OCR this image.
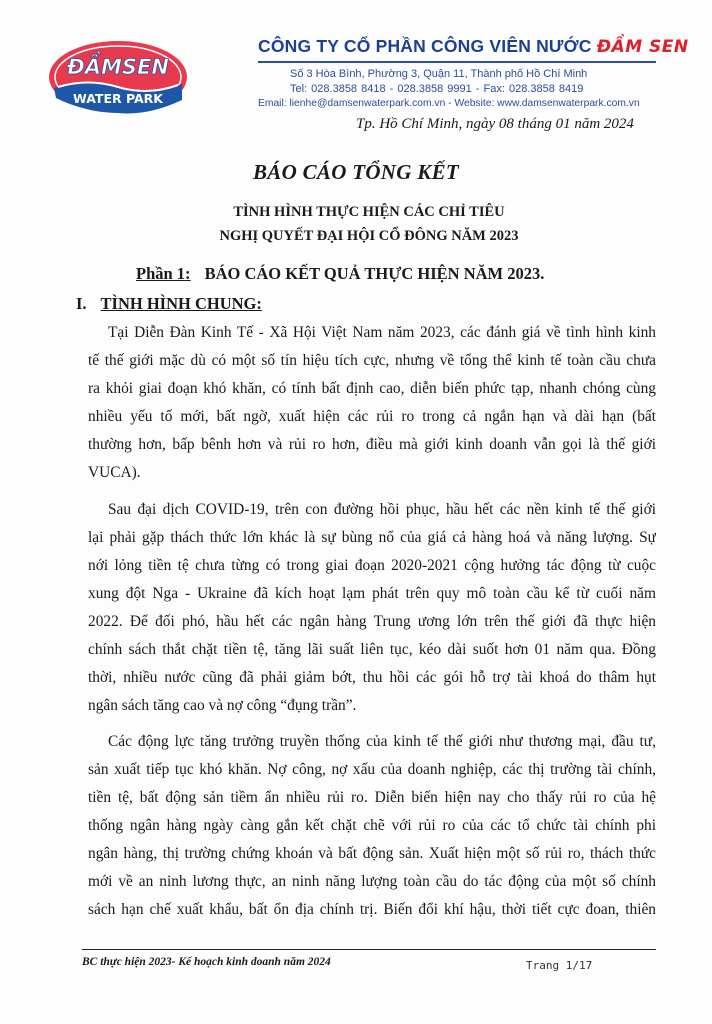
ĐẦMSEN
WATER PARK
CÔNG TY CỔ PHẦN CÔNG VIÊN NƯỚC ĐẦM SEN
Số 3 Hòa Bình, Phường 3, Quận 11, Thành phố Hồ Chí Minh
Tel: 028.3858 8418 - 028.3858 9991 - Fax: 028.3858 8419
Email: lienhe@damsenwaterpark.com.vn - Website: www.damsenwaterpark.com.vn
Tp. Hồ Chí Minh, ngày 08 tháng 01 năm 2024
BÁO CÁO TỔNG KẾT
TÌNH HÌNH THỰC HIỆN CÁC CHỈ TIÊU
NGHỊ QUYẾT ĐẠI HỘI CỔ ĐÔNG NĂM 2023
Phần 1: BÁO CÁO KẾT QUẢ THỰC HIỆN NĂM 2023.
I. TÌNH HÌNH CHUNG:
Tại Diễn Đàn Kinh Tế - Xã Hội Việt Nam năm 2023, các đánh giá về tình hình kinh
tế thế giới mặc dù có một số tín hiệu tích cực, nhưng về tổng thể kinh tế toàn cầu chưa
ra khỏi giai đoạn khó khăn, có tính bất định cao, diễn biến phức tạp, nhanh chóng cùng
nhiều yếu tố mới, bất ngờ, xuất hiện các rủi ro trong cả ngắn hạn và dài hạn (bất
thường hơn, bấp bênh hơn và rủi ro hơn, điều mà giới kinh doanh vẫn gọi là thế giới
VUCA).
Sau đại dịch COVID-19, trên con đường hồi phục, hầu hết các nền kinh tế thế giới
lại phải gặp thách thức lớn khác là sự bùng nổ của giá cả hàng hoá và năng lượng. Sự
nới lỏng tiền tệ chưa từng có trong giai đoạn 2020-2021 cộng hưởng tác động từ cuộc
xung đột Nga - Ukraine đã kích hoạt lạm phát trên quy mô toàn cầu kể từ cuối năm
2022. Để đối phó, hầu hết các ngân hàng Trung ương lớn trên thế giới đã thực hiện
chính sách thắt chặt tiền tệ, tăng lãi suất liên tục, kéo dài suốt hơn 01 năm qua. Đồng
thời, nhiều nước cũng đã phải giảm bớt, thu hồi các gói hỗ trợ tài khoá do thâm hụt
ngân sách tăng cao và nợ công “đụng trần”.
Các động lực tăng trưởng truyền thống của kinh tế thế giới như thương mại, đầu tư,
sản xuất tiếp tục khó khăn. Nợ công, nợ xấu của doanh nghiệp, các thị trường tài chính,
tiền tệ, bất động sản tiềm ẩn nhiều rủi ro. Diễn biến hiện nay cho thấy rủi ro của hệ
thống ngân hàng ngày càng gắn kết chặt chẽ với rủi ro của các tổ chức tài chính phi
ngân hàng, thị trường chứng khoán và bất động sản. Xuất hiện một số rủi ro, thách thức
mới về an ninh lương thực, an ninh năng lượng toàn cầu do tác động của một số chính
sách hạn chế xuất khẩu, bất ổn địa chính trị. Biến đổi khí hậu, thời tiết cực đoan, thiên
BC thực hiện 2023- Kế hoạch kinh doanh năm 2024	Trang 1/17
